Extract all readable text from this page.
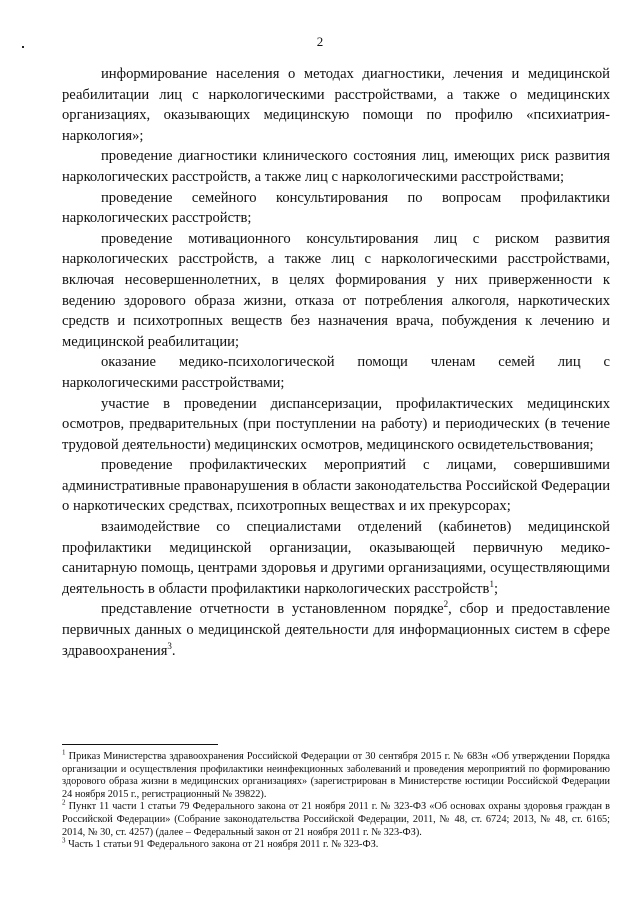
2

информирование населения о методах диагностики, лечения и медицинской реабилитации лиц с наркологическими расстройствами, а также о медицинских организациях, оказывающих медицинскую помощи по профилю «психиатрия-наркология»;

проведение диагностики клинического состояния лиц, имеющих риск развития наркологических расстройств, а также лиц с наркологическими расстройствами;

проведение семейного консультирования по вопросам профилактики наркологических расстройств;

проведение мотивационного консультирования лиц с риском развития наркологических расстройств, а также лиц с наркологическими расстройствами, включая несовершеннолетних, в целях формирования у них приверженности к ведению здорового образа жизни, отказа от потребления алкоголя, наркотических средств и психотропных веществ без назначения врача, побуждения к лечению и медицинской реабилитации;

оказание медико-психологической помощи членам семей лиц с наркологическими расстройствами;

участие в проведении диспансеризации, профилактических медицинских осмотров, предварительных (при поступлении на работу) и периодических (в течение трудовой деятельности) медицинских осмотров, медицинского освидетельствования;

проведение профилактических мероприятий с лицами, совершившими административные правонарушения в области законодательства Российской Федерации о наркотических средствах, психотропных веществах и их прекурсорах;

взаимодействие со специалистами отделений (кабинетов) медицинской профилактики медицинской организации, оказывающей первичную медико-санитарную помощь, центрами здоровья и другими организациями, осуществляющими деятельность в области профилактики наркологических расстройств$^1$;

представление отчетности в установленном порядке$^2$, сбор и предоставление первичных данных о медицинской деятельности для информационных систем в сфере здравоохранения$^3$.

$^1$ Приказ Министерства здравоохранения Российской Федерации от 30 сентября 2015 г. № 683н «Об утверждении Порядка организации и осуществления профилактики неинфекционных заболеваний и проведения мероприятий по формированию здорового образа жизни в медицинских организациях» (зарегистрирован в Министерстве юстиции Российской Федерации 24 ноября 2015 г., регистрационный № 39822).

$^2$ Пункт 11 части 1 статьи 79 Федерального закона от 21 ноября 2011 г. № 323-ФЗ «Об основах охраны здоровья граждан в Российской Федерации» (Собрание законодательства Российской Федерации, 2011, № 48, ст. 6724; 2013, № 48, ст. 6165; 2014, № 30, ст. 4257) (далее – Федеральный закон от 21 ноября 2011 г. № 323-ФЗ).

$^3$ Часть 1 статьи 91 Федерального закона от 21 ноября 2011 г. № 323-ФЗ.
